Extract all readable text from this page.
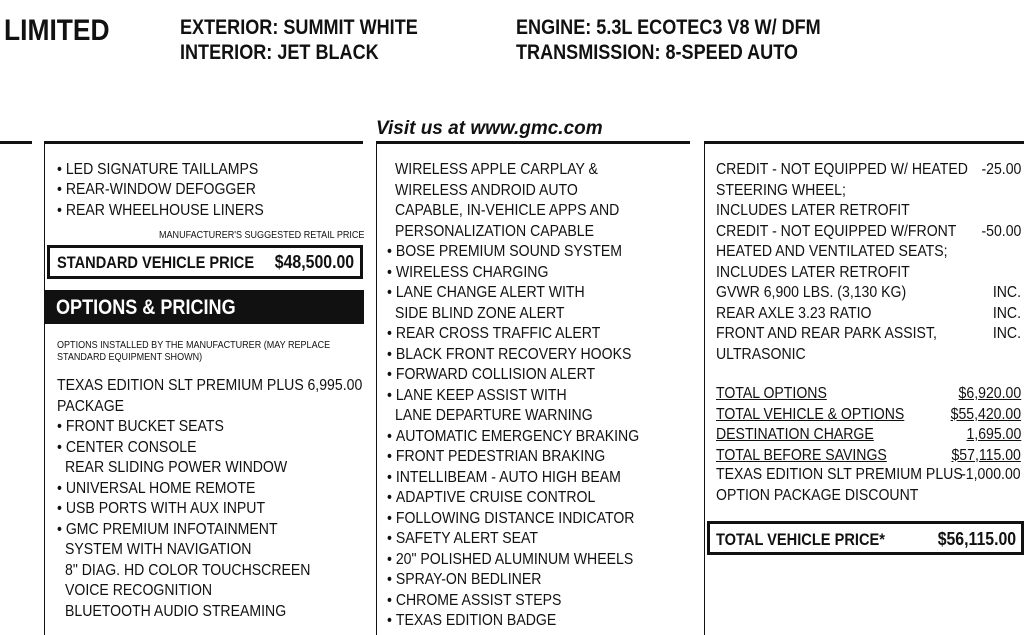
LIMITED	EXTERIOR: SUMMIT WHITE
INTERIOR: JET BLACK
ENGINE: 5.3L ECOTEC3 V8 W/ DFM
TRANSMISSION: 8-SPEED AUTO
Visit us at www.gmc.com
• LED SIGNATURE TAILLAMPS
• REAR-WINDOW DEFOGGER
• REAR WHEELHOUSE LINERS
MANUFACTURER'S SUGGESTED RETAIL PRICE
STANDARD VEHICLE PRICE $48,500.00
OPTIONS & PRICING
OPTIONS INSTALLED BY THE MANUFACTURER (MAY REPLACE
STANDARD EQUIPMENT SHOWN)
TEXAS EDITION SLT PREMIUM PLUS 6,995.00
PACKAGE
• FRONT BUCKET SEATS
• CENTER CONSOLE
REAR SLIDING POWER WINDOW
• UNIVERSAL HOME REMOTE
• USB PORTS WITH AUX INPUT
• GMC PREMIUM INFOTAINMENT
SYSTEM WITH NAVIGATION
8" DIAG. HD COLOR TOUCHSCREEN
VOICE RECOGNITION
BLUETOOTH AUDIO STREAMING
WIRELESS APPLE CARPLAY &
WIRELESS ANDROID AUTO
CAPABLE, IN-VEHICLE APPS AND
PERSONALIZATION CAPABLE
• BOSE PREMIUM SOUND SYSTEM
• WIRELESS CHARGING
• LANE CHANGE ALERT WITH
SIDE BLIND ZONE ALERT
• REAR CROSS TRAFFIC ALERT
• BLACK FRONT RECOVERY HOOKS
• FORWARD COLLISION ALERT
• LANE KEEP ASSIST WITH
LANE DEPARTURE WARNING
• AUTOMATIC EMERGENCY BRAKING
• FRONT PEDESTRIAN BRAKING
• INTELLIBEAM - AUTO HIGH BEAM
• ADAPTIVE CRUISE CONTROL
• FOLLOWING DISTANCE INDICATOR
• SAFETY ALERT SEAT
• 20" POLISHED ALUMINUM WHEELS
• SPRAY-ON BEDLINER
• CHROME ASSIST STEPS
• TEXAS EDITION BADGE
CREDIT - NOT EQUIPPED W/ HEATED
STEERING WHEEL;
INCLUDES LATER RETROFIT
-25.00
CREDIT - NOT EQUIPPED W/FRONT
HEATED AND VENTILATED SEATS;
INCLUDES LATER RETROFIT
-50.00
GVWR 6,900 LBS. (3,130 KG)	INC.
REAR AXLE 3.23 RATIO	INC.
FRONT AND REAR PARK ASSIST,
ULTRASONIC
INC.
TOTAL OPTIONS	$6,920.00
TOTAL VEHICLE & OPTIONS	$55,420.00
DESTINATION CHARGE	1,695.00
TOTAL BEFORE SAVINGS	$57,115.00
TEXAS EDITION SLT PREMIUM PLUS
-1,000.00
OPTION PACKAGE DISCOUNT
TOTAL VEHICLE PRICE*	$56,115.00
